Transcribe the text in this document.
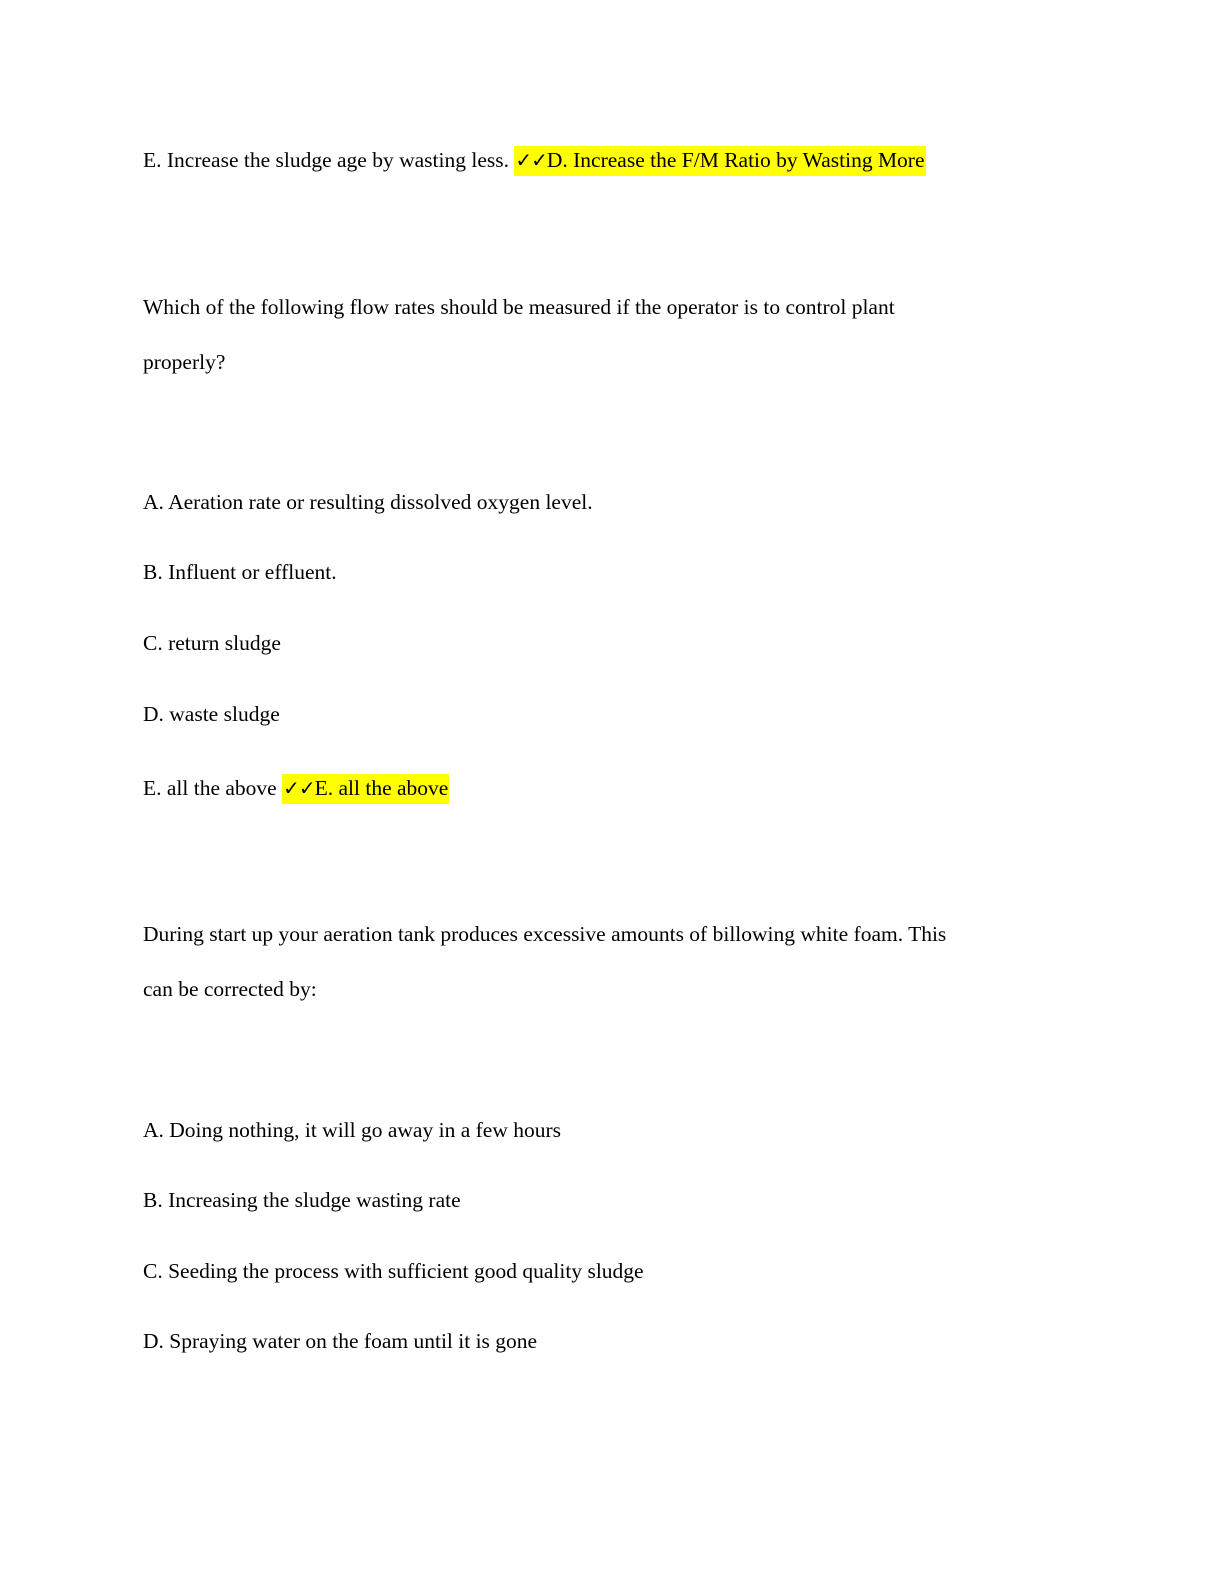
E. Increase the sludge age by wasting less. ✓✓D. Increase the F/M Ratio by Wasting More
Which of the following flow rates should be measured if the operator is to control plant
properly?
A. Aeration rate or resulting dissolved oxygen level.
B. Influent or effluent.
C. return sludge
D. waste sludge
E. all the above ✓✓E. all the above
During start up your aeration tank produces excessive amounts of billowing white foam. This
can be corrected by:
A. Doing nothing, it will go away in a few hours
B. Increasing the sludge wasting rate
C. Seeding the process with sufficient good quality sludge
D. Spraying water on the foam until it is gone
